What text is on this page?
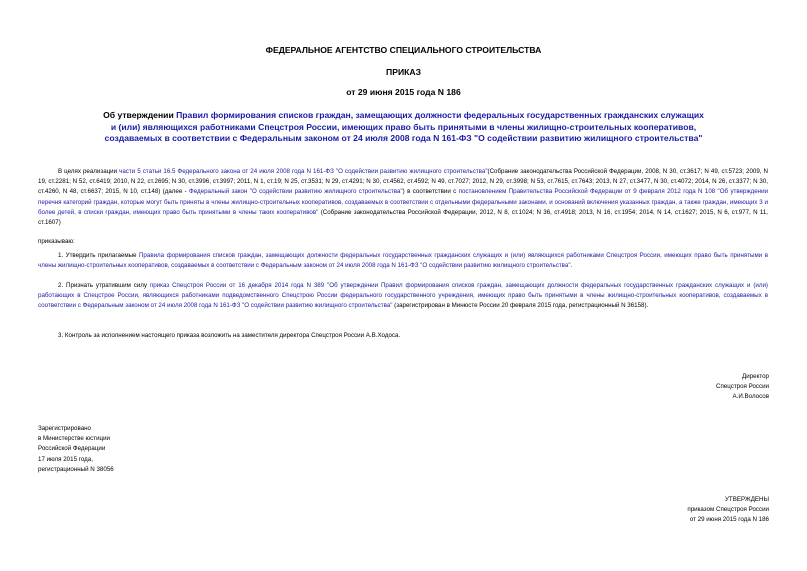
ФЕДЕРАЛЬНОЕ АГЕНТСТВО СПЕЦИАЛЬНОГО СТРОИТЕЛЬСТВА
ПРИКАЗ
от 29 июня 2015 года N 186
Об утверждении Правил формирования списков граждан, замещающих должности федеральных государственных гражданских служащих и (или) являющихся работниками Спецстроя России, имеющих право быть принятыми в члены жилищно-строительных кооперативов, создаваемых в соответствии с Федеральным законом от 24 июля 2008 года N 161-ФЗ "О содействии развитию жилищного строительства"
В целях реализации части 5 статьи 16.5 Федерального закона от 24 июля 2008 года N 161-ФЗ "О содействии развитию жилищного строительства"(Собрание законодательства Российской Федерации, 2008, N 30, ст.3617; N 49, ст.5723; 2009, N 19, ст.2281; N 52, ст.6419; 2010, N 22, ст.2695; N 30, ст.3996, ст.3997; 2011, N 1, ст.19; N 25, ст.3531; N 29, ст.4291; N 30, ст.4562, ст.4592; N 49, ст.7027; 2012, N 29, ст.3998; N 53, ст.7615, ст.7643; 2013, N 27, ст.3477, N 30, ст.4072; 2014, N 26, ст.3377; N 30, ст.4260, N 48, ст.6637; 2015, N 10, ст.148) (далее - Федеральный закон "О содействии развитию жилищного строительства") в соответствии с постановлением Правительства Российской Федерации от 9 февраля 2012 года N 108 "Об утверждении перечня категорий граждан, которые могут быть приняты в члены жилищно-строительных кооперативов, создаваемых в соответствии с отдельными федеральными законами, и оснований включения указанных граждан, а также граждан, имеющих 3 и более детей, в списки граждан, имеющих право быть принятыми в члены таких кооперативов" (Собрание законодательства Российской Федерации, 2012, N 8, ст.1024; N 36, ст.4918; 2013, N 16, ст.1954; 2014, N 14, ст.1627; 2015, N 6, ст.977, N 11, ст.1607)
приказываю:
1. Утвердить прилагаемые Правила формирования списков граждан, замещающих должности федеральных государственных гражданских служащих и (или) являющихся работниками Спецстроя России, имеющих право быть принятыми в члены жилищно-строительных кооперативов, создаваемых в соответствии с Федеральным законом от 24 июля 2008 года N 161-ФЗ "О содействии развитию жилищного строительства".
2. Признать утратившим силу приказ Спецстроя России от 16 декабря 2014 года N 389 "Об утверждении Правил формирования списков граждан, замещающих должности федеральных государственных гражданских служащих и (или) работающих в Спецстрое России, являющихся работниками подведомственного Спецстрою России федерального государственного учреждения, имеющих право быть принятыми в члены жилищно-строительных кооперативов, создаваемых в соответствии с Федеральным законом от 24 июля 2008 года N 161-ФЗ "О содействии развитию жилищного строительства" (зарегистрирован в Минюсте России 20 февраля 2015 года, регистрационный N 36158).
3. Контроль за исполнением настоящего приказа возложить на заместителя директора Спецстроя России А.В.Ходоса.
Директор
Спецстроя России
А.И.Волосов
Зарегистрировано
в Министерстве юстиции
Российской Федерации
17 июля 2015 года,
регистрационный N 38056
УТВЕРЖДЕНЫ
приказом Спецстроя России
от 29 июня 2015 года N 186
